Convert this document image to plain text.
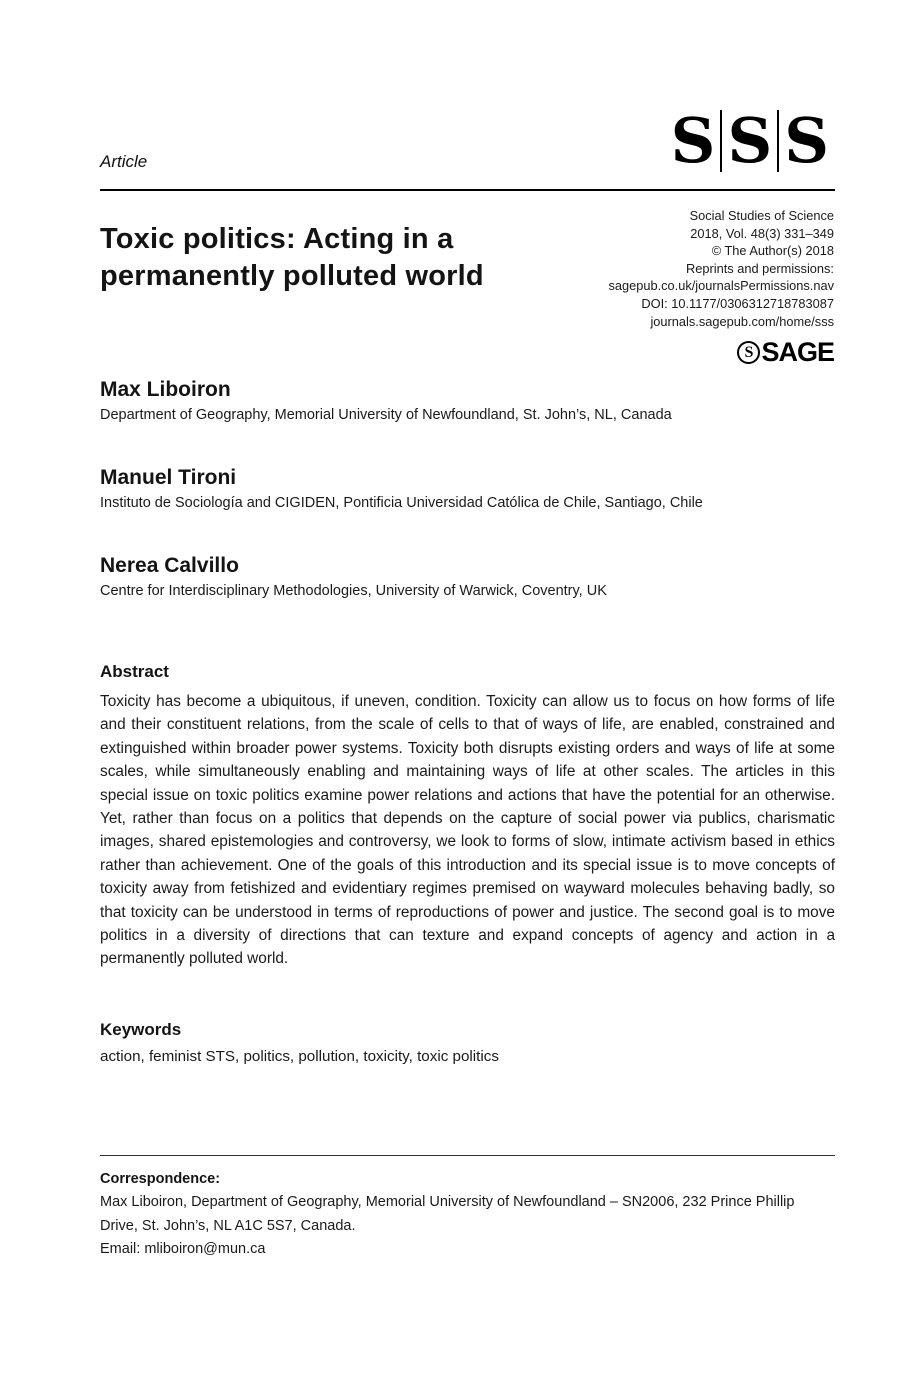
Article	S S S
Toxic politics: Acting in a
permanently polluted world
Social Studies of Science
2018, Vol. 48(3) 331–349
© The Author(s) 2018
Reprints and permissions:
sagepub.co.uk/journalsPermissions.nav
DOI: 10.1177/0306312718783087
journals.sagepub.com/home/sss
S SAGE
Max Liboiron
Department of Geography, Memorial University of Newfoundland, St. John’s, NL, Canada
Manuel Tironi
Instituto de Sociología and CIGIDEN, Pontificia Universidad Católica de Chile, Santiago, Chile
Nerea Calvillo
Centre for Interdisciplinary Methodologies, University of Warwick, Coventry, UK
Abstract
Toxicity has become a ubiquitous, if uneven, condition. Toxicity can allow us to focus on how forms of life and their constituent relations, from the scale of cells to that of ways of life, are enabled, constrained and extinguished within broader power systems. Toxicity both disrupts existing orders and ways of life at some scales, while simultaneously enabling and maintaining ways of life at other scales. The articles in this special issue on toxic politics examine power relations and actions that have the potential for an otherwise. Yet, rather than focus on a politics that depends on the capture of social power via publics, charismatic images, shared epistemologies and controversy, we look to forms of slow, intimate activism based in ethics rather than achievement. One of the goals of this introduction and its special issue is to move concepts of toxicity away from fetishized and evidentiary regimes premised on wayward molecules behaving badly, so that toxicity can be understood in terms of reproductions of power and justice. The second goal is to move politics in a diversity of directions that can texture and expand concepts of agency and action in a permanently polluted world.
Keywords
action, feminist STS, politics, pollution, toxicity, toxic politics
Correspondence:
Max Liboiron, Department of Geography, Memorial University of Newfoundland – SN2006, 232 Prince Phillip Drive, St. John’s, NL A1C 5S7, Canada.
Email: mliboiron@mun.ca
